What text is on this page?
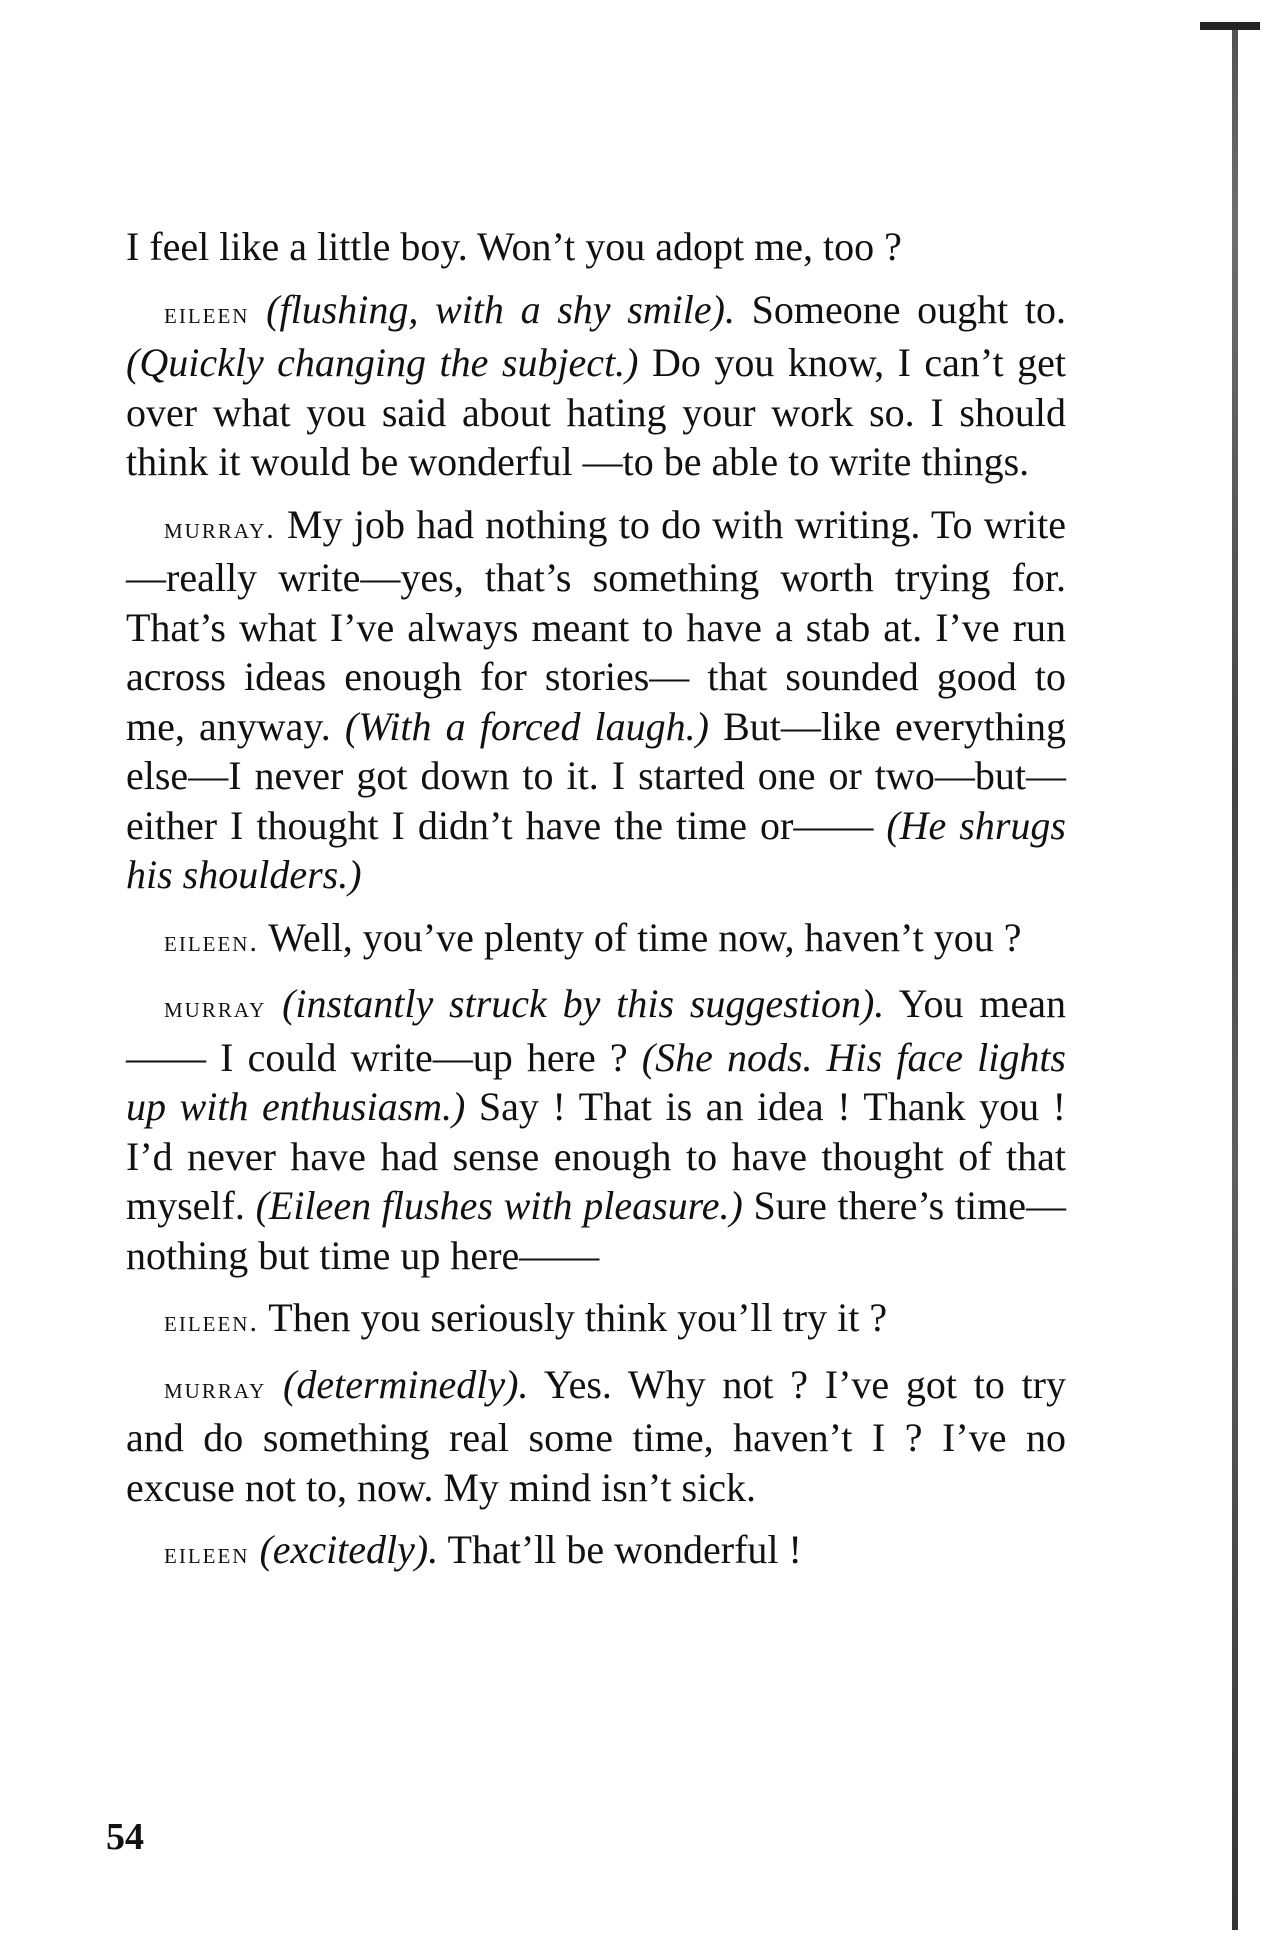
I feel like a little boy. Won’t you adopt me, too ?

eileen (flushing, with a shy smile). Someone ought to. (Quickly changing the subject.) Do you know, I can’t get over what you said about hating your work so. I should think it would be wonderful —to be able to write things.

murray. My job had nothing to do with writing. To write—really write—yes, that’s something worth trying for. That’s what I’ve always meant to have a stab at. I’ve run across ideas enough for stories— that sounded good to me, anyway. (With a forced laugh.) But—like everything else—I never got down to it. I started one or two—but—either I thought I didn’t have the time or—— (He shrugs his shoulders.)

eileen. Well, you’ve plenty of time now, haven’t you ?

murray (instantly struck by this suggestion). You mean—— I could write—up here ? (She nods. His face lights up with enthusiasm.) Say ! That is an idea ! Thank you ! I’d never have had sense enough to have thought of that myself. (Eileen flushes with pleasure.) Sure there’s time—nothing but time up here——

eileen. Then you seriously think you’ll try it ?

murray (determinedly). Yes. Why not ? I’ve got to try and do something real some time, haven’t I ? I’ve no excuse not to, now. My mind isn’t sick.

eileen (excitedly). That’ll be wonderful !

54
